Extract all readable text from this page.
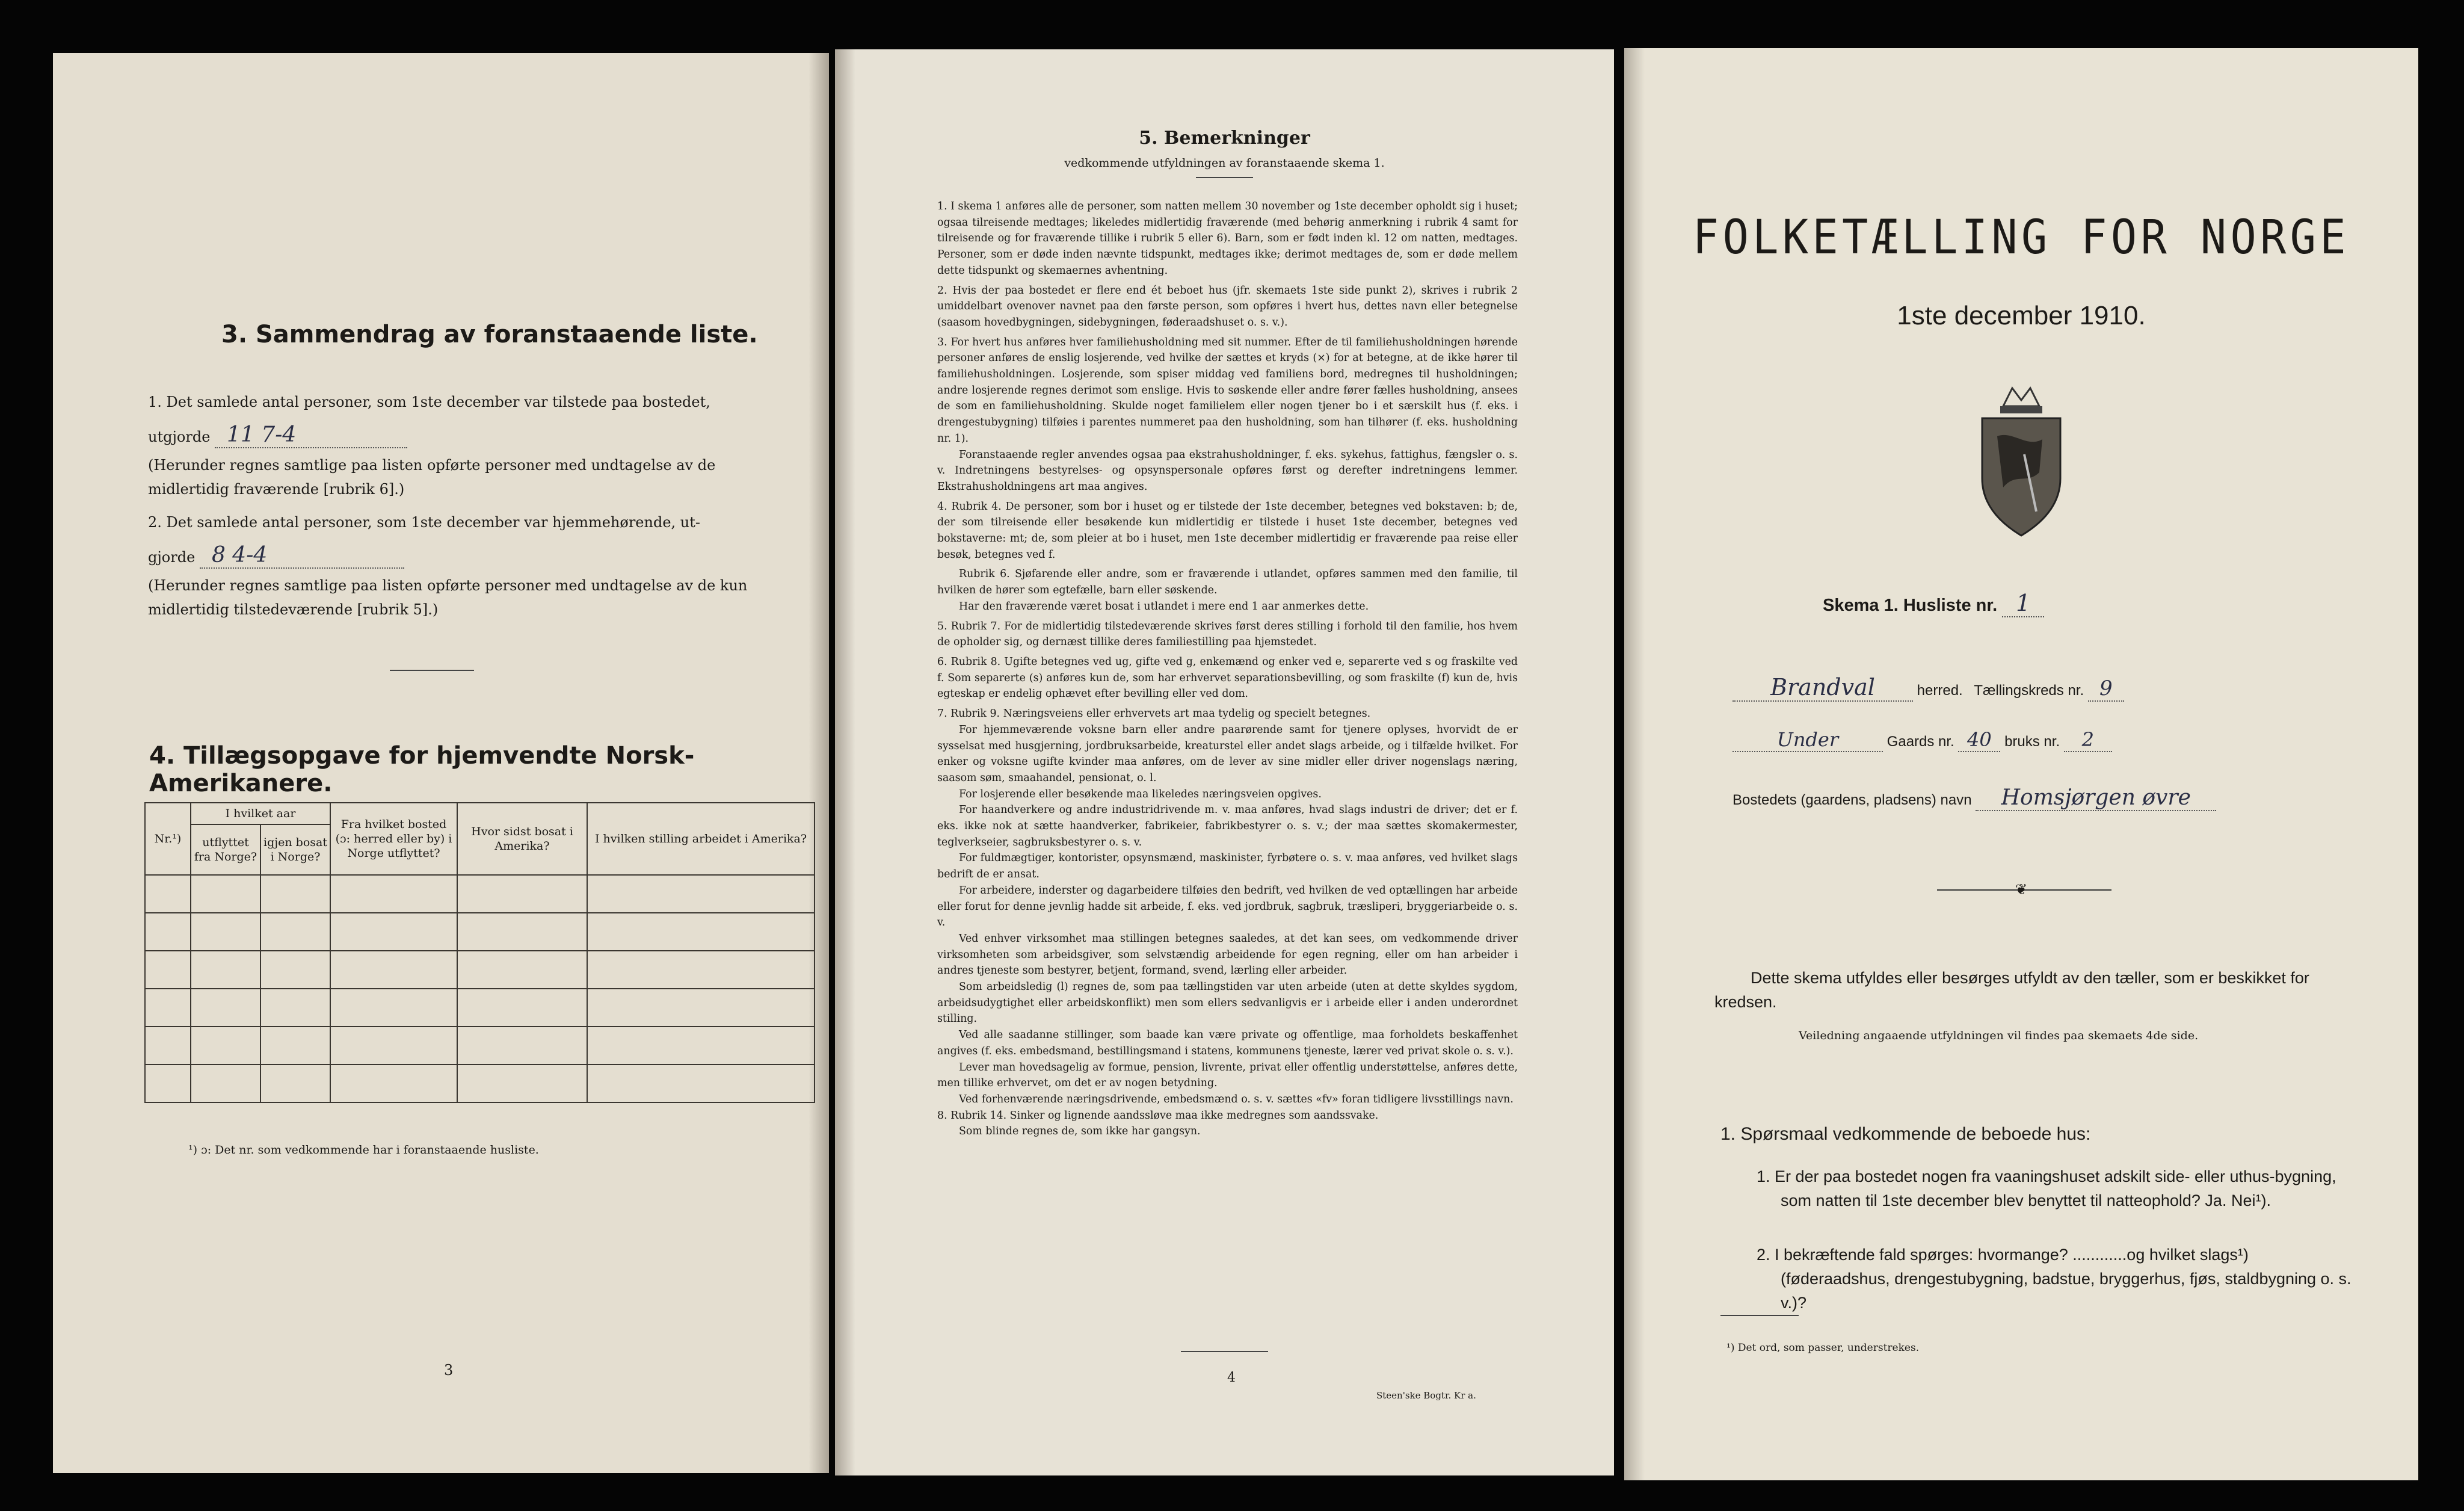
3. Sammendrag av foranstaaende liste.
1. Det samlede antal personer, som 1ste december var tilstede paa bostedet,
utgjorde 11 7-4
(Herunder regnes samtlige paa listen opførte personer med undtagelse av de midlertidig fraværende [rubrik 6].)
2. Det samlede antal personer, som 1ste december var hjemmehørende, ut-
gjorde 8 4-4
(Herunder regnes samtlige paa listen opførte personer med undtagelse av de kun midlertidig tilstedeværende [rubrik 5].)
4. Tillægsopgave for hjemvendte Norsk-Amerikanere.
Nr.¹)	I hvilket aar		Fra hvilket bosted (ɔ: herred eller by) i Norge utflyttet?	Hvor sidst bosat i Amerika?	I hvilken stilling arbeidet i Amerika?
	utflyttet fra Norge?	igjen bosat i Norge?			

¹) ɔ: Det nr. som vedkommende har i foranstaaende husliste.
3
5. Bemerkninger
vedkommende utfyldningen av foranstaaende skema 1.

1. I skema 1 anføres alle de personer, som natten mellem 30 november og 1ste december opholdt sig i huset; ogsaa tilreisende medtages; likeledes midlertidig fraværende (med behørig anmerkning i rubrik 4 samt for tilreisende og for fraværende tillike i rubrik 5 eller 6). Barn, som er født inden kl. 12 om natten, medtages. Personer, som er døde inden nævnte tidspunkt, medtages ikke; derimot medtages de, som er døde mellem dette tidspunkt og skemaernes avhentning.

2. Hvis der paa bostedet er flere end ét beboet hus (jfr. skemaets 1ste side punkt 2), skrives i rubrik 2 umiddelbart ovenover navnet paa den første person, som opføres i hvert hus, dettes navn eller betegnelse (saasom hovedbygningen, sidebygningen, føderaadshuset o. s. v.).

3. For hvert hus anføres hver familiehusholdning med sit nummer. Efter de til familiehusholdningen hørende personer anføres de enslig losjerende, ved hvilke der sættes et kryds (×) for at betegne, at de ikke hører til familiehusholdningen. Losjerende, som spiser middag ved familiens bord, medregnes til husholdningen; andre losjerende regnes derimot som enslige. Hvis to søskende eller andre fører fælles husholdning, ansees de som en familiehusholdning. Skulde noget familielem eller nogen tjener bo i et særskilt hus (f. eks. i drengestubygning) tilføies i parentes nummeret paa den husholdning, som han tilhører (f. eks. husholdning nr. 1).

Foranstaaende regler anvendes ogsaa paa ekstrahusholdninger, f. eks. sykehus, fattighus, fængsler o. s. v. Indretningens bestyrelses- og opsynspersonale opføres først og derefter indretningens lemmer. Ekstrahusholdningens art maa angives.

4. Rubrik 4. De personer, som bor i huset og er tilstede der 1ste december, betegnes ved bokstaven: b; de, der som tilreisende eller besøkende kun midlertidig er tilstede i huset 1ste december, betegnes ved bokstaverne: mt; de, som pleier at bo i huset, men 1ste december midlertidig er fraværende paa reise eller besøk, betegnes ved f.

Rubrik 6. Sjøfarende eller andre, som er fraværende i utlandet, opføres sammen med den familie, til hvilken de hører som egtefælle, barn eller søskende.

Har den fraværende været bosat i utlandet i mere end 1 aar anmerkes dette.

5. Rubrik 7. For de midlertidig tilstedeværende skrives først deres stilling i forhold til den familie, hos hvem de opholder sig, og dernæst tillike deres familiestilling paa hjemstedet.

6. Rubrik 8. Ugifte betegnes ved ug, gifte ved g, enkemænd og enker ved e, separerte ved s og fraskilte ved f. Som separerte (s) anføres kun de, som har erhvervet separationsbevilling, og som fraskilte (f) kun de, hvis egteskap er endelig ophævet efter bevilling eller ved dom.

7. Rubrik 9. Næringsveiens eller erhvervets art maa tydelig og specielt betegnes.

For hjemmeværende voksne barn eller andre paarørende samt for tjenere oplyses, hvorvidt de er sysselsat med husgjerning, jordbruksarbeide, kreaturstel eller andet slags arbeide, og i tilfælde hvilket. For enker og voksne ugifte kvinder maa anføres, om de lever av sine midler eller driver nogenslags næring, saasom søm, smaahandel, pensionat, o. l.

For losjerende eller besøkende maa likeledes næringsveien opgives.

For haandverkere og andre industridrivende m. v. maa anføres, hvad slags industri de driver; det er f. eks. ikke nok at sætte haandverker, fabrikeier, fabrikbestyrer o. s. v.; der maa sættes skomakermester, teglverkseier, sagbruksbestyrer o. s. v.

For fuldmægtiger, kontorister, opsynsmænd, maskinister, fyrbøtere o. s. v. maa anføres, ved hvilket slags bedrift de er ansat.

For arbeidere, inderster og dagarbeidere tilføies den bedrift, ved hvilken de ved optællingen har arbeide eller forut for denne jevnlig hadde sit arbeide, f. eks. ved jordbruk, sagbruk, træsliperi, bryggeriarbeide o. s. v.

Ved enhver virksomhet maa stillingen betegnes saaledes, at det kan sees, om vedkommende driver virksomheten som arbeidsgiver, som selvstændig arbeidende for egen regning, eller om han arbeider i andres tjeneste som bestyrer, betjent, formand, svend, lærling eller arbeider.

Som arbeidsledig (l) regnes de, som paa tællingstiden var uten arbeide (uten at dette skyldes sygdom, arbeidsudygtighet eller arbeidskonflikt) men som ellers sedvanligvis er i arbeide eller i anden underordnet stilling.

Ved alle saadanne stillinger, som baade kan være private og offentlige, maa forholdets beskaffenhet angives (f. eks. embedsmand, bestillingsmand i statens, kommunens tjeneste, lærer ved privat skole o. s. v.).

Lever man hovedsagelig av formue, pension, livrente, privat eller offentlig understøttelse, anføres dette, men tillike erhvervet, om det er av nogen betydning.

Ved forhenværende næringsdrivende, embedsmænd o. s. v. sættes «fv» foran tidligere livsstillings navn.

8. Rubrik 14. Sinker og lignende aandssløve maa ikke medregnes som aandssvake.

Som blinde regnes de, som ikke har gangsyn.

4
Steen'ske Bogtr. Kr a.
FOLKETÆLLING FOR NORGE
1ste december 1910.
Skema 1. Husliste nr. 1
Brandval	herred. Tællingskreds nr. 9
Under	Gaards nr. 40 bruks nr. 2
Bostedets (gaardens, pladsens) navn Homsjørgen øvre
❦
Dette skema utfyldes eller besørges utfyldt av den tæller, som er beskikket for kredsen.
Veiledning angaaende utfyldningen vil findes paa skemaets 4de side.
1. Spørsmaal vedkommende de beboede hus:
1. Er der paa bostedet nogen fra vaaningshuset adskilt side- eller uthus-bygning, som natten til 1ste december blev benyttet til natteophold? Ja. Nei¹).
2. I bekræftende fald spørges: hvormange? ............og hvilket slags¹) (føderaadshus, drengestubygning, badstue, bryggerhus, fjøs, staldbygning o. s. v.)?
¹) Det ord, som passer, understrekes.
